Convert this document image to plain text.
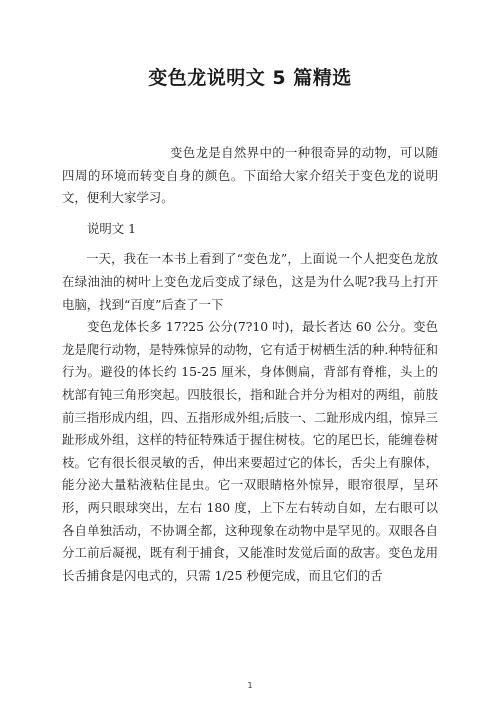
变色龙说明文 5 篇精选

变色龙是自然界中的一种很奇异的动物，可以随四周的环境而转变自身的颜色。下面给大家介绍关于变色龙的说明文，便利大家学习。

说明文 1

一天，我在一本书上看到了“变色龙”，上面说一个人把变色龙放在绿油油的树叶上变色龙后变成了绿色，这是为什么呢?我马上打开电脑，找到“百度”后查了一下

变色龙体长多 17?25 公分(7?10 吋)，最长者达 60 公分。变色龙是爬行动物，是特殊惊异的动物，它有适于树栖生活的种.种特征和行为。避役的体长约 15-25 厘米，身体侧扁，背部有脊椎，头上的枕部有钝三角形突起。四肢很长，指和趾合并分为相对的两组，前肢前三指形成内组，四、五指形成外组;后肢一、二趾形成内组，惊异三趾形成外组，这样的特征特殊适于握住树枝。它的尾巴长，能缠卷树枝。它有很长很灵敏的舌，伸出来要超过它的体长，舌尖上有腺体，能分泌大量粘液粘住昆虫。它一双眼睛格外惊异，眼帘很厚，呈环形，两只眼球突出，左右 180 度，上下左右转动自如，左右眼可以各自单独活动，不协调全都，这种现象在动物中是罕见的。双眼各自分工前后凝视，既有利于捕食，又能准时发觉后面的敌害。变色龙用长舌捕食是闪电式的，只需 1/25 秒便完成，而且它们的舌

1
